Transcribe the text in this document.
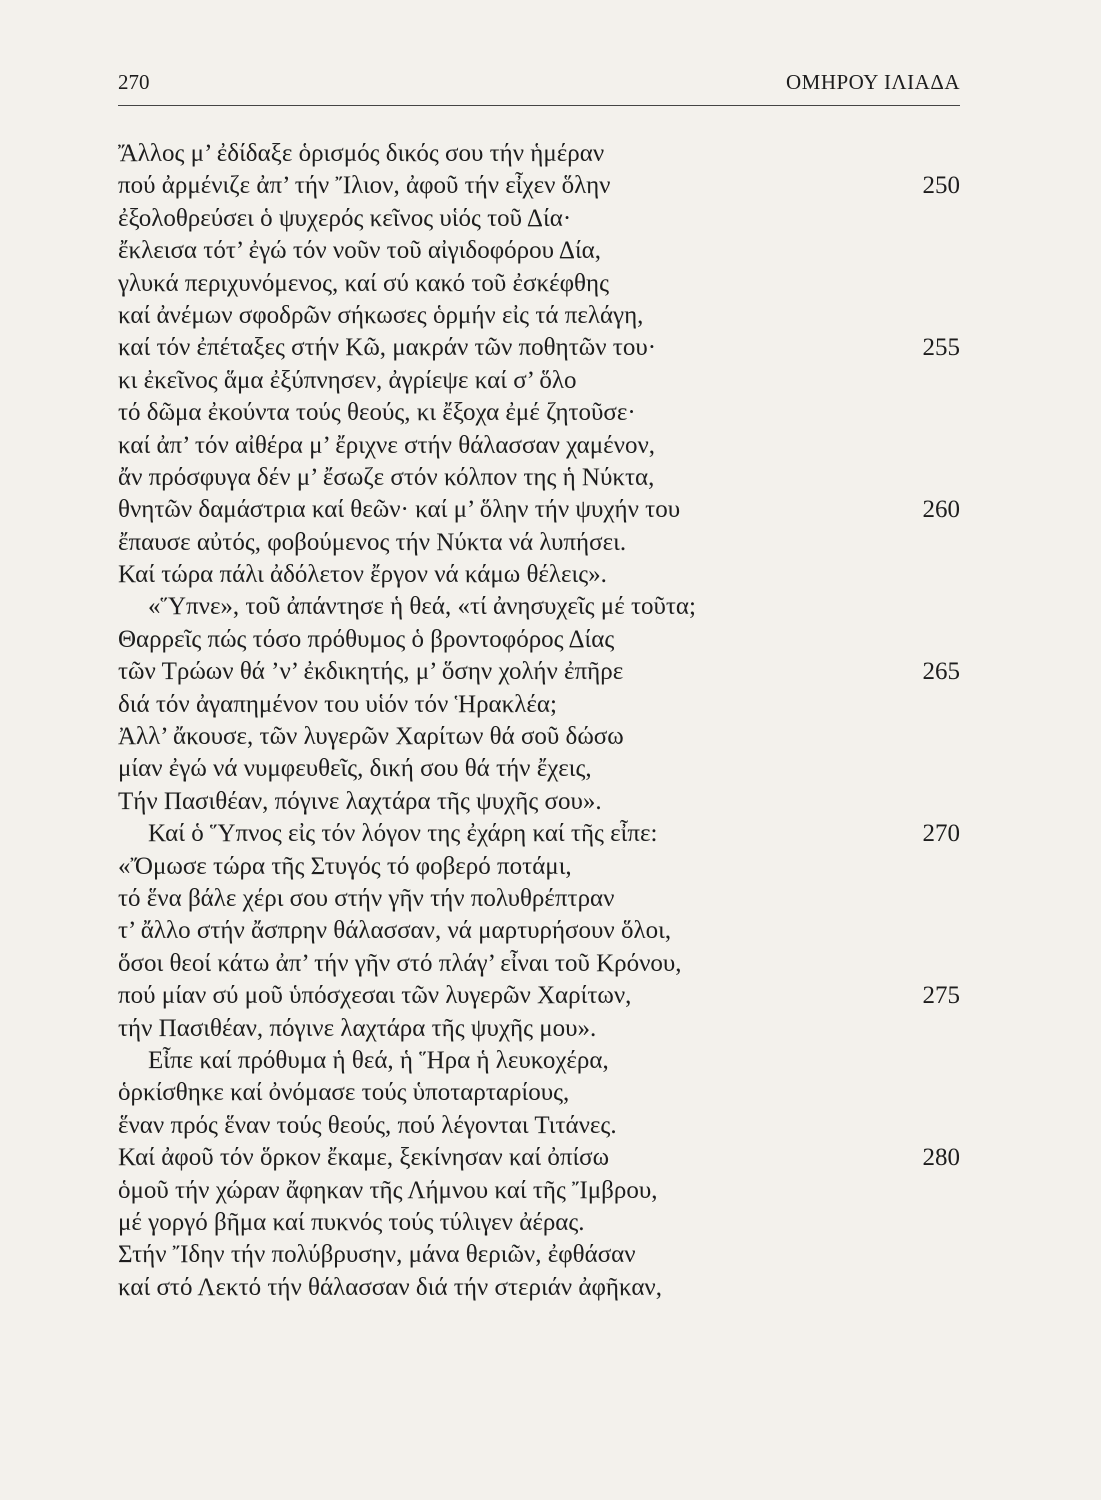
270	ΟΜΗΡΟΥ ΙΛΙΑΔΑ
Ἄλλος μ’ ἐδίδαξε ὁρισμός δικός σου τήν ἡμέραν
πού ἀρμένιζε ἀπ’ τήν Ἴλιον, ἀφοῦ τήν εἶχεν ὅλην	250
ἐξολοθρεύσει ὁ ψυχερός κεῖνος υἱός τοῦ Δία·
ἔκλεισα τότ’ ἐγώ τόν νοῦν τοῦ αἰγιδοφόρου Δία,
γλυκά περιχυνόμενος, καί σύ κακό τοῦ ἐσκέφθης
καί ἀνέμων σφοδρῶν σήκωσες ὁρμήν εἰς τά πελάγη,
καί τόν ἐπέταξες στήν Κῶ, μακράν τῶν ποθητῶν του·	255
κι ἐκεῖνος ἅμα ἐξύπνησεν, ἀγρίεψε καί σ’ ὅλο
τό δῶμα ἐκούντα τούς θεούς, κι ἔξοχα ἐμέ ζητοῦσε·
καί ἀπ’ τόν αἰθέρα μ’ ἔριχνε στήν θάλασσαν χαμένον,
ἄν πρόσφυγα δέν μ’ ἔσωζε στόν κόλπον της ἡ Νύκτα,
θνητῶν δαμάστρια καί θεῶν· καί μ’ ὅλην τήν ψυχήν του	260
ἔπαυσε αὐτός, φοβούμενος τήν Νύκτα νά λυπήσει.
Καί τώρα πάλι ἀδόλετον ἔργον νά κάμω θέλεις».
«Ὕπνε», τοῦ ἀπάντησε ἡ θεά, «τί ἀνησυχεῖς μέ τοῦτα;
Θαρρεῖς πώς τόσο πρόθυμος ὁ βροντοφόρος Δίας
τῶν Τρώων θά ’ν’ ἐκδικητής, μ’ ὅσην χολήν ἐπῆρε	265
διά τόν ἀγαπημένον του υἱόν τόν Ἡρακλέα;
Ἀλλ’ ἄκουσε, τῶν λυγερῶν Χαρίτων θά σοῦ δώσω
μίαν ἐγώ νά νυμφευθεῖς, δική σου θά τήν ἔχεις,
Τήν Πασιθέαν, πόγινε λαχτάρα τῆς ψυχῆς σου».
Καί ὁ Ὕπνος εἰς τόν λόγον της ἐχάρη καί τῆς εἶπε:	270
«Ὄμωσε τώρα τῆς Στυγός τό φοβερό ποτάμι,
τό ἕνα βάλε χέρι σου στήν γῆν τήν πολυθρέπτραν
τ’ ἄλλο στήν ἄσπρην θάλασσαν, νά μαρτυρήσουν ὅλοι,
ὅσοι θεοί κάτω ἀπ’ τήν γῆν στό πλάγ’ εἶναι τοῦ Κρόνου,
πού μίαν σύ μοῦ ὑπόσχεσαι τῶν λυγερῶν Χαρίτων,	275
τήν Πασιθέαν, πόγινε λαχτάρα τῆς ψυχῆς μου».
Εἶπε καί πρόθυμα ἡ θεά, ἡ Ἥρα ἡ λευκοχέρα,
ὁρκίσθηκε καί ὀνόμασε τούς ὑποταρταρίους,
ἕναν πρός ἕναν τούς θεούς, πού λέγονται Τιτάνες.
Καί ἀφοῦ τόν ὅρκον ἔκαμε, ξεκίνησαν καί ὀπίσω	280
ὁμοῦ τήν χώραν ἄφηκαν τῆς Λήμνου καί τῆς Ἴμβρου,
μέ γοργό βῆμα καί πυκνός τούς τύλιγεν ἀέρας.
Στήν Ἴδην τήν πολύβρυσην, μάνα θεριῶν, ἐφθάσαν
καί στό Λεκτό τήν θάλασσαν διά τήν στεριάν ἀφῆκαν,
